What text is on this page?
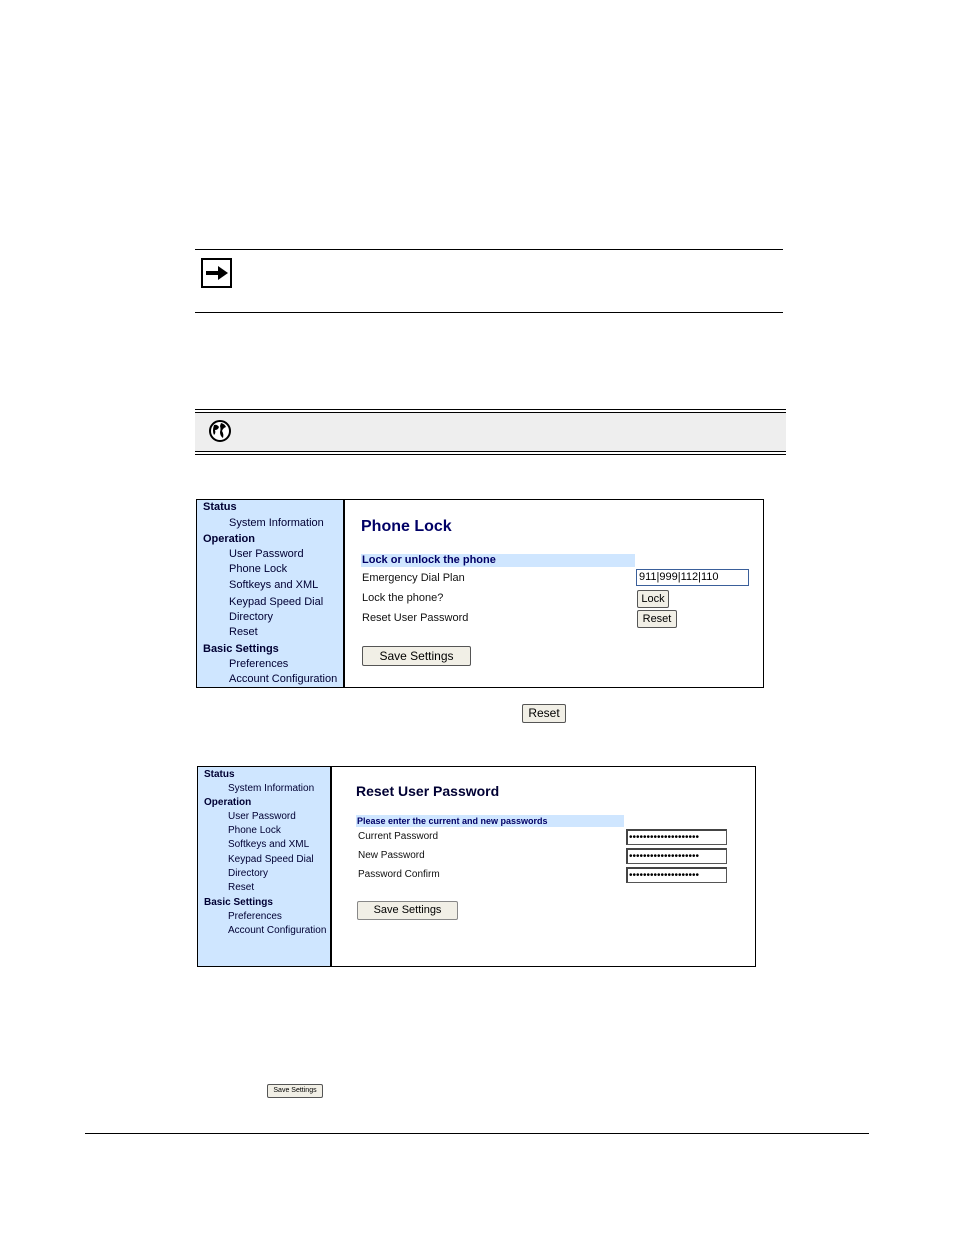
Status
System Information
Operation
User Password
Phone Lock
Softkeys and XML
Keypad Speed Dial
Directory
Reset
Basic Settings
Preferences
Account Configuration
Phone Lock
Lock or unlock the phone
Emergency Dial Plan	911|999|112|110
Lock the phone?	Lock
Reset User Password	Reset
Save Settings
Reset
Status
System Information
Operation
User Password
Phone Lock
Softkeys and XML
Keypad Speed Dial
Directory
Reset
Basic Settings
Preferences
Account Configuration
Reset User Password
Please enter the current and new passwords
Current Password	••••••••••••••••••••
New Password	••••••••••••••••••••
Password Confirm	••••••••••••••••••••
Save Settings
Save Settings
